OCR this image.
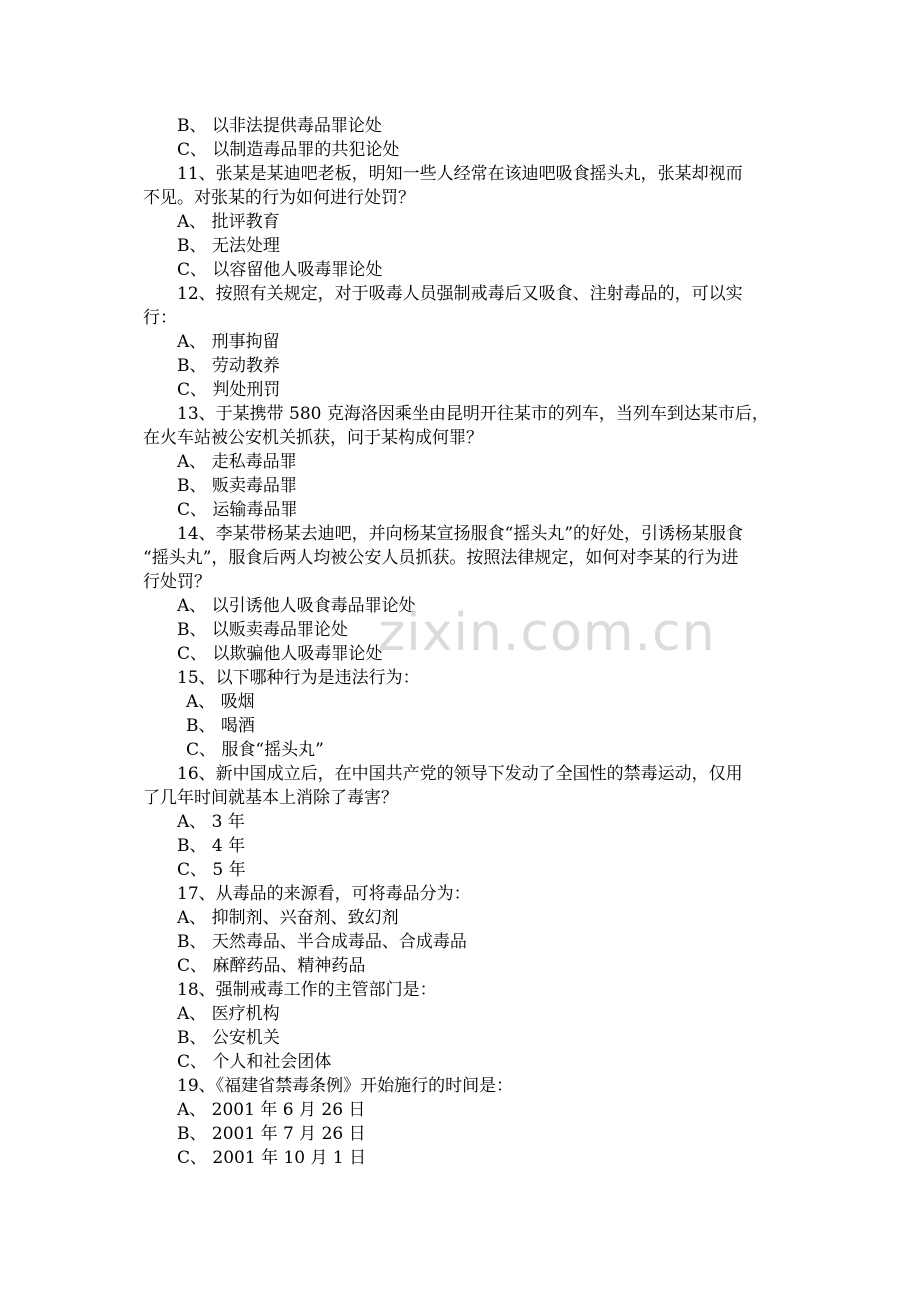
B、 以非法提供毒品罪论处
C、 以制造毒品罪的共犯论处
11、张某是某迪吧老板，明知一些人经常在该迪吧吸食摇头丸，张某却视而
不见。对张某的行为如何进行处罚？
A、 批评教育
B、 无法处理
C、 以容留他人吸毒罪论处
12、按照有关规定，对于吸毒人员强制戒毒后又吸食、注射毒品的，可以实
行：
A、 刑事拘留
B、 劳动教养
C、 判处刑罚
13、于某携带 580 克海洛因乘坐由昆明开往某市的列车，当列车到达某市后，
在火车站被公安机关抓获，问于某构成何罪？
A、 走私毒品罪
B、 贩卖毒品罪
C、 运输毒品罪
14、李某带杨某去迪吧，并向杨某宣扬服食“摇头丸”的好处，引诱杨某服食
“摇头丸”，服食后两人均被公安人员抓获。按照法律规定，如何对李某的行为进
行处罚？
A、 以引诱他人吸食毒品罪论处
B、 以贩卖毒品罪论处
C、 以欺骗他人吸毒罪论处
15、以下哪种行为是违法行为：
A、 吸烟
B、 喝酒
C、 服食“摇头丸”
16、新中国成立后，在中国共产党的领导下发动了全国性的禁毒运动，仅用
了几年时间就基本上消除了毒害？
A、 3 年
B、 4 年
C、 5 年
17、从毒品的来源看，可将毒品分为：
A、 抑制剂、兴奋剂、致幻剂
B、 天然毒品、半合成毒品、合成毒品
C、 麻醉药品、精神药品
18、强制戒毒工作的主管部门是：
A、 医疗机构
B、 公安机关
C、 个人和社会团体
19、《福建省禁毒条例》开始施行的时间是：
A、 2001 年 6 月 26 日
B、 2001 年 7 月 26 日
C、 2001 年 10 月 1 日
zixin.com.cn
